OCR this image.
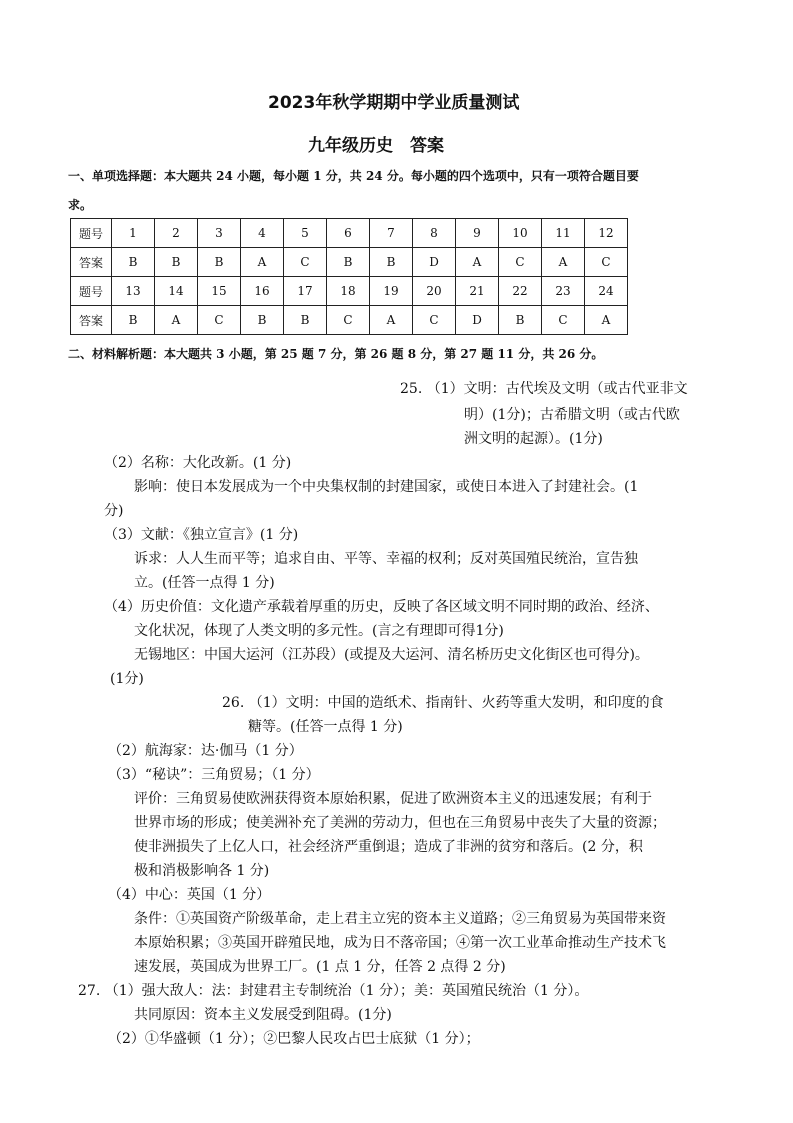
2023年秋学期期中学业质量测试
九年级历史　答案
一、单项选择题：本大题共 24 小题，每小题 1 分，共 24 分。每小题的四个选项中，只有一项符合题目要
求。
题号	1	2	3	4	5	6	7	8	9	10	11	12
答案	B	B	B	A	C	B	B	D	A	C	A	C
题号	13	14	15	16	17	18	19	20	21	22	23	24
答案	B	A	C	B	B	C	A	C	D	B	C	A
二、材料解析题：本大题共 3 小题，第 25 题 7 分，第 26 题 8 分，第 27 题 11 分，共 26 分。
25. （1）文明：古代埃及文明（或古代亚非文
明）(1分)；古希腊文明（或古代欧
洲文明的起源）。(1分)
（2）名称：大化改新。(1 分)
影响：使日本发展成为一个中央集权制的封建国家，或使日本进入了封建社会。(1
分)
（3）文献：《独立宣言》(1 分)
诉求：人人生而平等；追求自由、平等、幸福的权利；反对英国殖民统治，宣告独
立。(任答一点得 1 分)
（4）历史价值：文化遗产承载着厚重的历史，反映了各区域文明不同时期的政治、经济、
文化状况，体现了人类文明的多元性。(言之有理即可得1分)
无锡地区：中国大运河（江苏段）(或提及大运河、清名桥历史文化街区也可得分)。
(1分)
26. （1）文明：中国的造纸术、指南针、火药等重大发明，和印度的食
糖等。(任答一点得 1 分)
（2）航海家：达·伽马（1 分）
（3）“秘诀”：三角贸易；（1 分）
评价：三角贸易使欧洲获得资本原始积累，促进了欧洲资本主义的迅速发展；有利于
世界市场的形成；使美洲补充了美洲的劳动力，但也在三角贸易中丧失了大量的资源；
使非洲损失了上亿人口，社会经济严重倒退；造成了非洲的贫穷和落后。(2 分，积
极和消极影响各 1 分)
（4）中心：英国（1 分）
条件：①英国资产阶级革命，走上君主立宪的资本主义道路；②三角贸易为英国带来资
本原始积累；③英国开辟殖民地，成为日不落帝国；④第一次工业革命推动生产技术飞
速发展，英国成为世界工厂。(1 点 1 分，任答 2 点得 2 分)
27. （1）强大敌人：法：封建君主专制统治（1 分）；美：英国殖民统治（1 分）。
共同原因：资本主义发展受到阻碍。(1分)
（2）①华盛顿（1 分）；②巴黎人民攻占巴士底狱（1 分）；
